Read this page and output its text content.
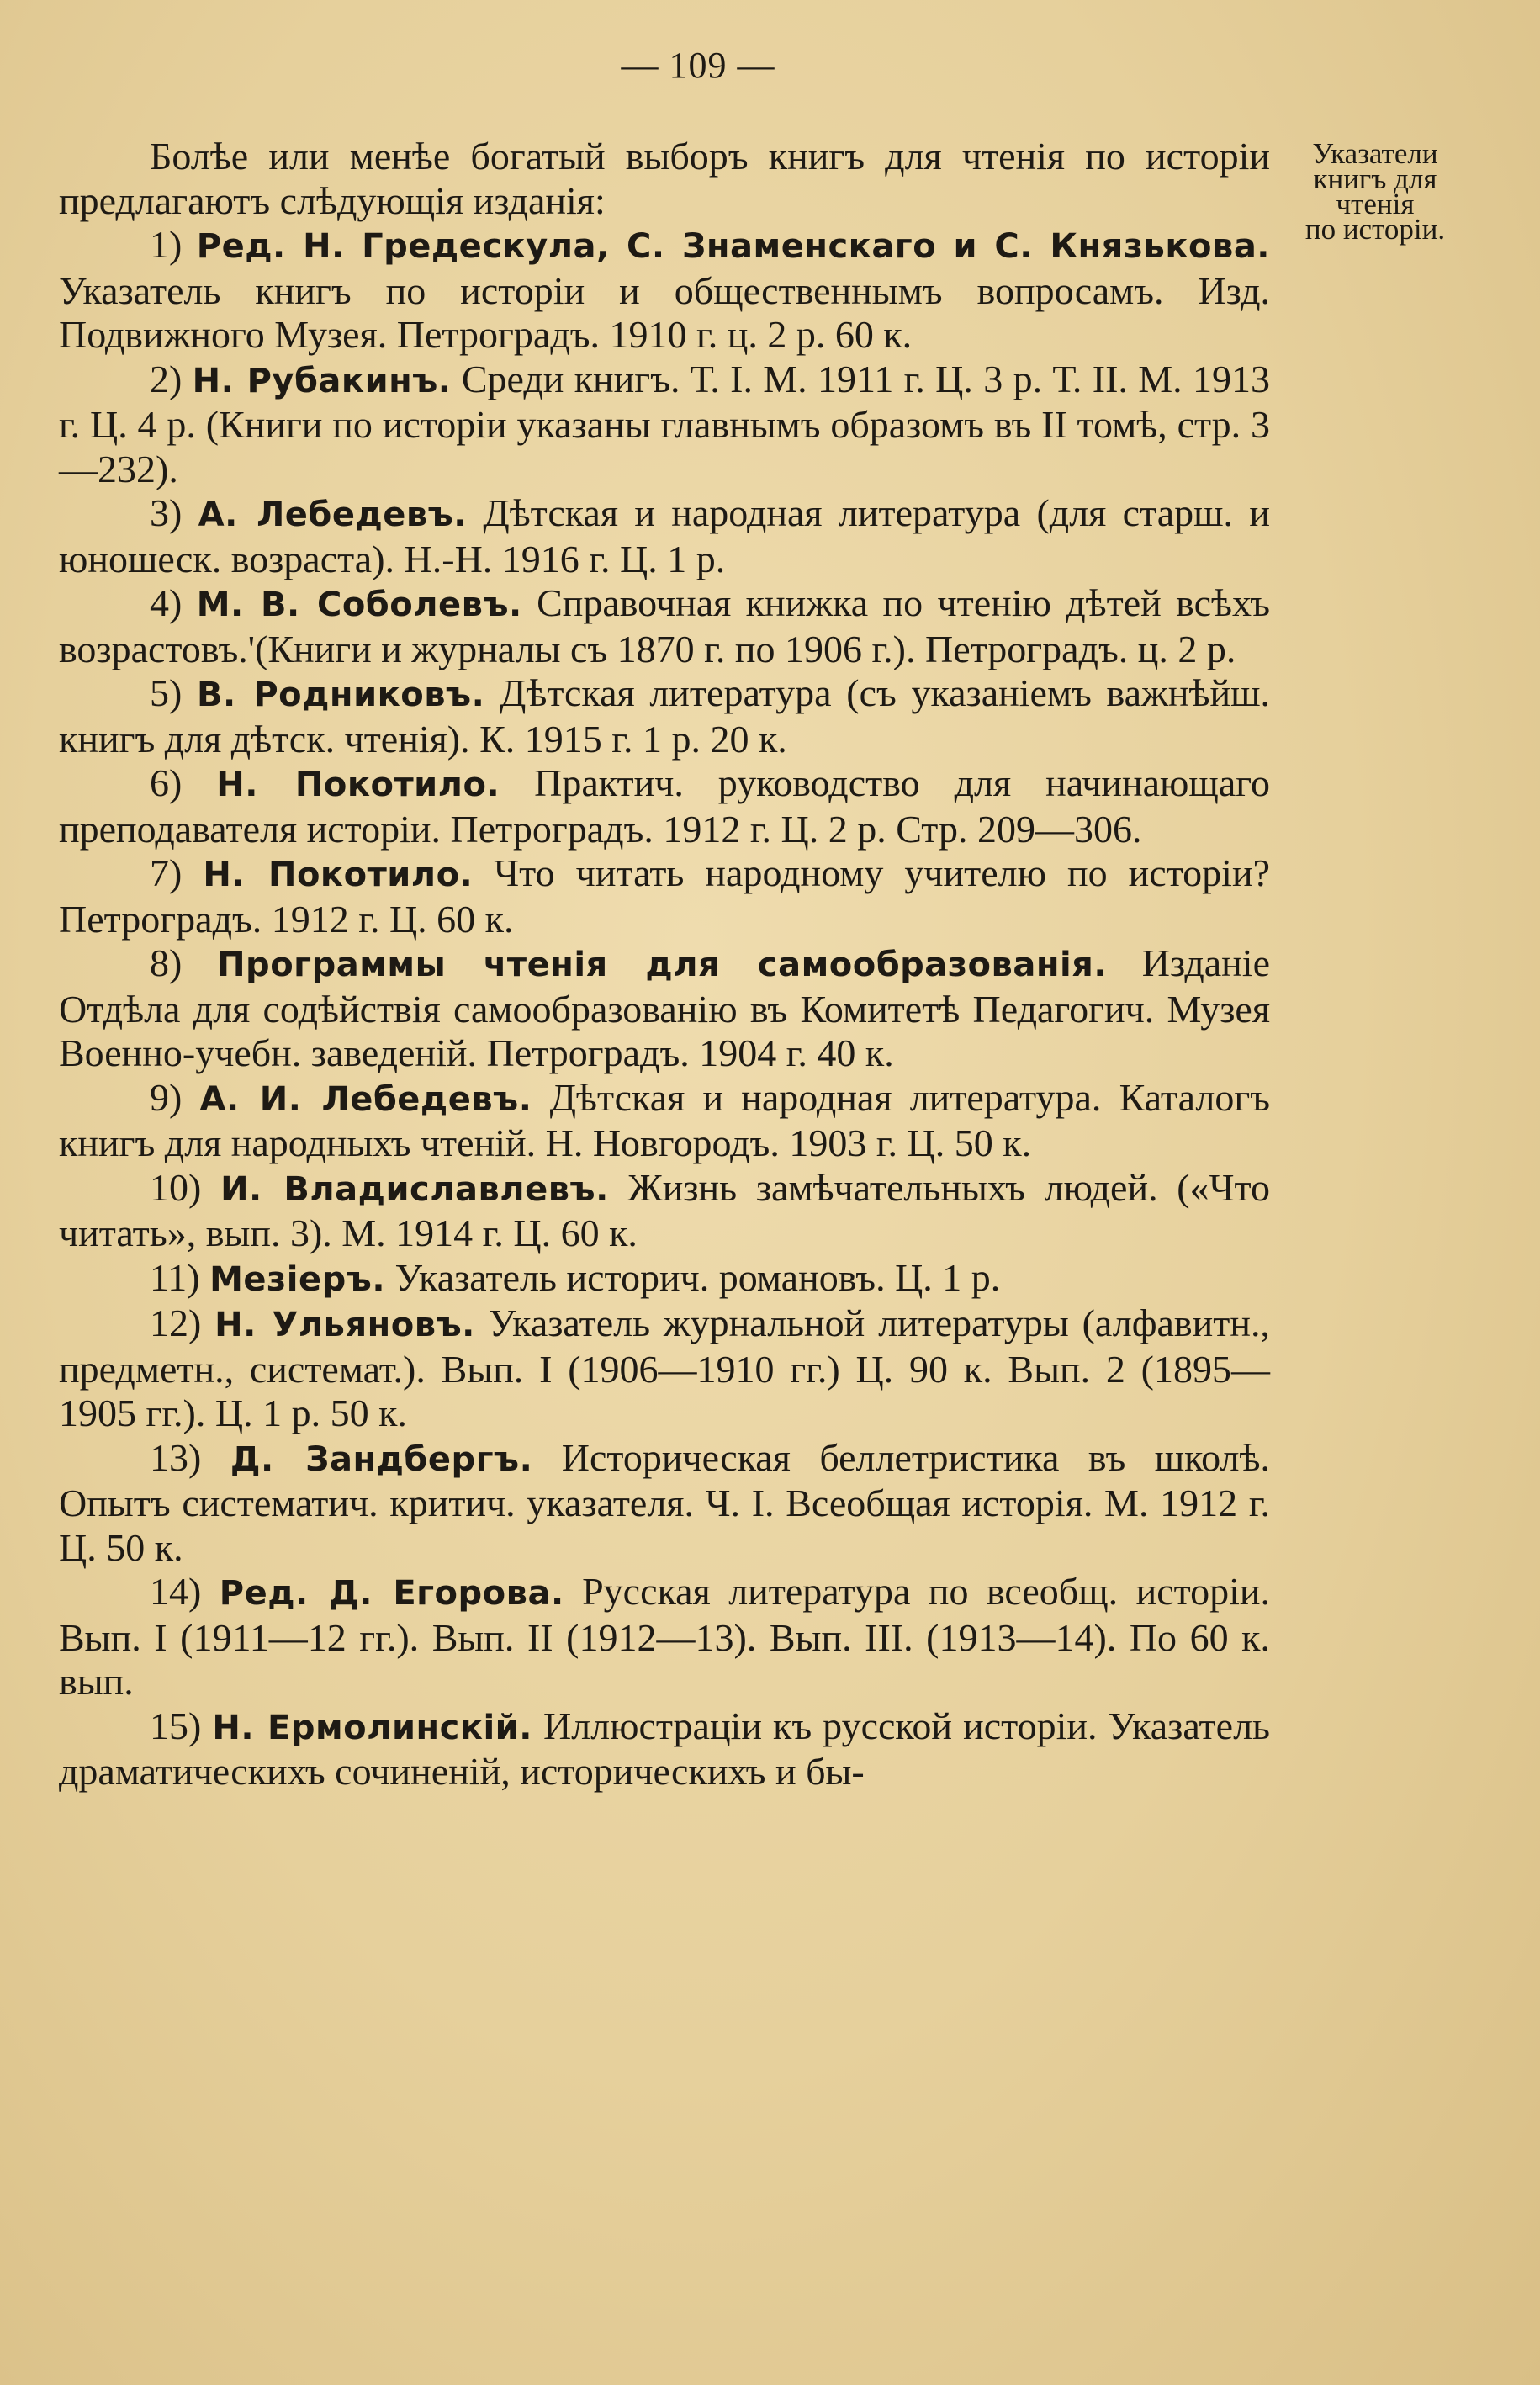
— 109 —
Указатели
книгъ для
чтенія
по исторіи.

Болѣе или менѣе богатый выборъ книгъ для чтенія по исторіи предлагаютъ слѣдующія изданія:

1) Ред. Н. Гредескула, С. Знаменскаго и С. Князькова. Указатель книгъ по исторіи и общественнымъ вопросамъ. Изд. Подвижного Музея. Петроградъ. 1910 г. ц. 2 р. 60 к.

2) Н. Рубакинъ. Среди книгъ. Т. I. М. 1911 г. Ц. 3 р. Т. II. М. 1913 г. Ц. 4 р. (Книги по исторіи указаны главнымъ образомъ въ II томѣ, стр. 3—232).

3) А. Лебедевъ. Дѣтская и народная литература (для старш. и юношеск. возраста). Н.-Н. 1916 г. Ц. 1 р.

4) М. В. Соболевъ. Справочная книжка по чтенію дѣтей всѣхъ возрастовъ.'(Книги и журналы съ 1870 г. по 1906 г.). Петроградъ. ц. 2 р.

5) В. Родниковъ. Дѣтская литература (съ указаніемъ важнѣйш. книгъ для дѣтск. чтенія). К. 1915 г. 1 р. 20 к.

6) Н. Покотило. Практич. руководство для начинающаго преподавателя исторіи. Петроградъ. 1912 г. Ц. 2 р. Стр. 209—306.

7) Н. Покотило. Что читать народному учителю по исторіи? Петроградъ. 1912 г. Ц. 60 к.

8) Программы чтенія для самообразованія. Изданіе Отдѣла для содѣйствія самообразованію въ Комитетѣ Педагогич. Музея Военно-учебн. заведеній. Петроградъ. 1904 г. 40 к.

9) А. И. Лебедевъ. Дѣтская и народная литература. Каталогъ книгъ для народныхъ чтеній. Н. Новгородъ. 1903 г. Ц. 50 к.

10) И. Владиславлевъ. Жизнь замѣчательныхъ людей. («Что читать», вып. 3). М. 1914 г. Ц. 60 к.

11) Мезіеръ. Указатель историч. романовъ. Ц. 1 р.

12) Н. Ульяновъ. Указатель журнальной литературы (алфавитн., предметн., системат.). Вып. I (1906—1910 гг.) Ц. 90 к. Вып. 2 (1895—1905 гг.). Ц. 1 р. 50 к.

13) Д. Зандбергъ. Историческая беллетристика въ школѣ. Опытъ систематич. критич. указателя. Ч. I. Всеобщая исторія. М. 1912 г. Ц. 50 к.

14) Ред. Д. Егорова. Русская литература по всеобщ. исторіи. Вып. I (1911—12 гг.). Вып. II (1912—13). Вып. III. (1913—14). По 60 к. вып.

15) Н. Ермолинскій. Иллюстраціи къ русской исторіи. Указатель драматическихъ сочиненій, историческихъ и бы-
